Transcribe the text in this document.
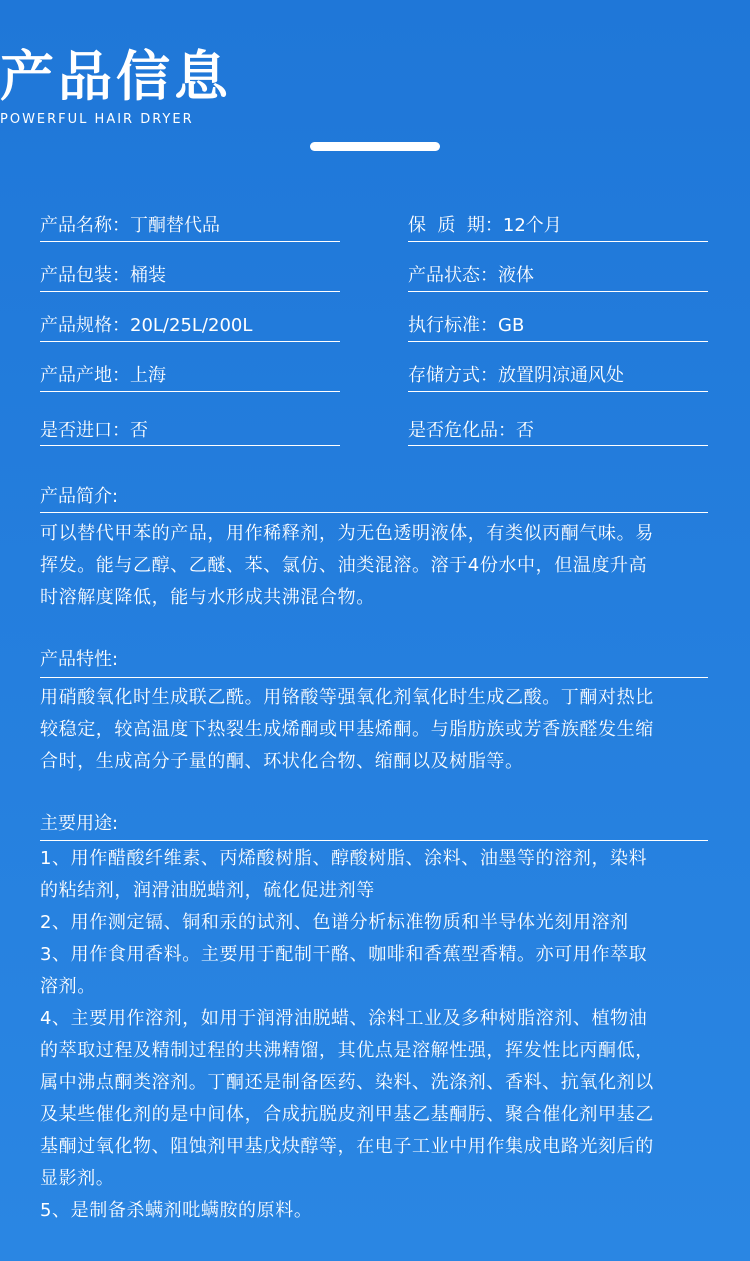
产品信息
POWERFUL HAIR DRYER
产品名称：丁酮替代品
产品包装：桶装
产品规格：20L/25L/200L
产品产地：上海
是否进口：否
保  质  期：12个月
产品状态：液体
执行标准：GB
存储方式：放置阴凉通风处
是否危化品：否
产品简介:

可以替代甲苯的产品，用作稀释剂，为无色透明液体，有类似丙酮气味。易

挥发。能与乙醇、乙醚、苯、氯仿、油类混溶。溶于4份水中，但温度升高

时溶解度降低，能与水形成共沸混合物。

产品特性:

用硝酸氧化时生成联乙酰。用铬酸等强氧化剂氧化时生成乙酸。丁酮对热比

较稳定，较高温度下热裂生成烯酮或甲基烯酮。与脂肪族或芳香族醛发生缩

合时，生成高分子量的酮、环状化合物、缩酮以及树脂等。

主要用途:

1、用作醋酸纤维素、丙烯酸树脂、醇酸树脂、涂料、油墨等的溶剂，染料

的粘结剂，润滑油脱蜡剂，硫化促进剂等

2、用作测定镉、铜和汞的试剂、色谱分析标准物质和半导体光刻用溶剂

3、用作食用香料。主要用于配制干酪、咖啡和香蕉型香精。亦可用作萃取

溶剂。

4、主要用作溶剂，如用于润滑油脱蜡、涂料工业及多种树脂溶剂、植物油

的萃取过程及精制过程的共沸精馏，其优点是溶解性强，挥发性比丙酮低，

属中沸点酮类溶剂。丁酮还是制备医药、染料、洗涤剂、香料、抗氧化剂以

及某些催化剂的是中间体，合成抗脱皮剂甲基乙基酮肟、聚合催化剂甲基乙

基酮过氧化物、阻蚀剂甲基戊炔醇等，在电子工业中用作集成电路光刻后的

显影剂。

5、是制备杀螨剂吡螨胺的原料。
